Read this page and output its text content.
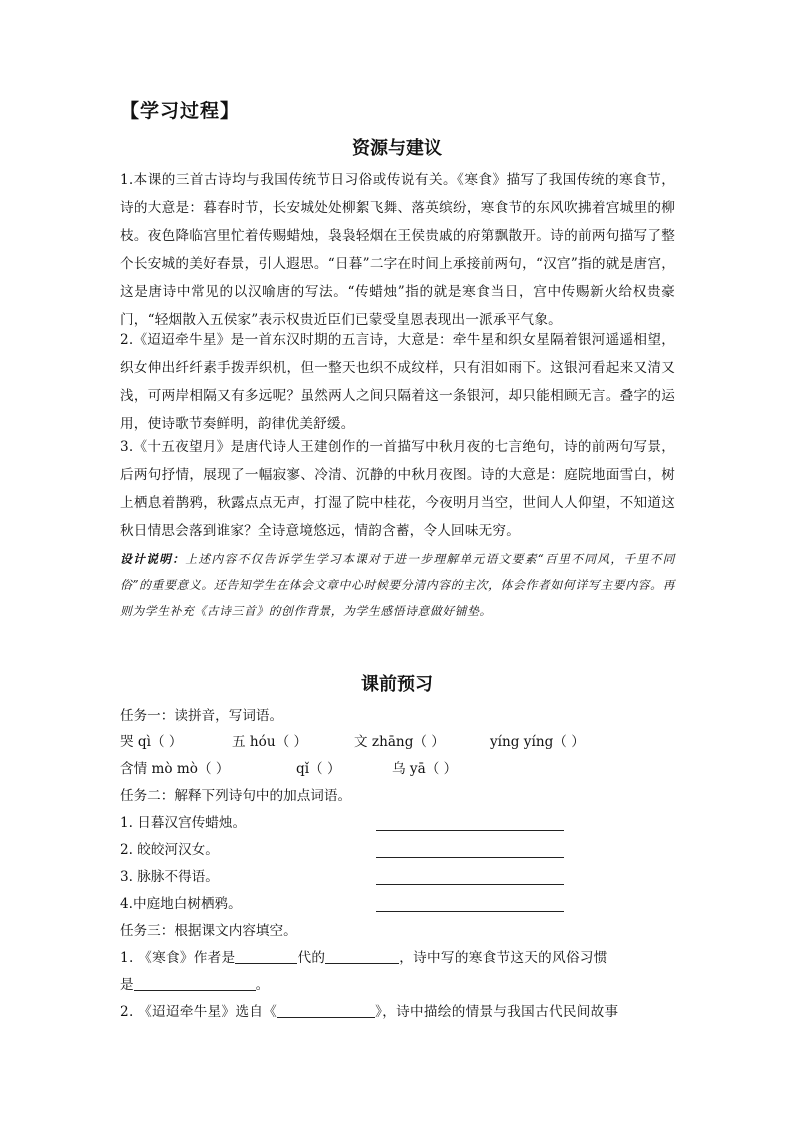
【学习过程】
资源与建议
1.本课的三首古诗均与我国传统节日习俗或传说有关。《寒食》描写了我国传统的寒食节，诗的大意是：暮春时节，长安城处处柳絮飞舞、落英缤纷，寒食节的东风吹拂着宫城里的柳枝。夜色降临宫里忙着传赐蜡烛，袅袅轻烟在王侯贵戚的府第飘散开。诗的前两句描写了整个长安城的美好春景，引人遐思。“日暮”二字在时间上承接前两句，“汉宫”指的就是唐宫，这是唐诗中常见的以汉喻唐的写法。“传蜡烛”指的就是寒食当日，宫中传赐新火给权贵豪门，“轻烟散入五侯家”表示权贵近臣们已蒙受皇恩表现出一派承平气象。
2.《迢迢牵牛星》是一首东汉时期的五言诗，大意是：牵牛星和织女星隔着银河遥遥相望，织女伸出纤纤素手拨弄织机，但一整天也织不成纹样，只有泪如雨下。这银河看起来又清又浅，可两岸相隔又有多远呢？虽然两人之间只隔着这一条银河，却只能相顾无言。叠字的运用，使诗歌节奏鲜明，韵律优美舒缓。
3.《十五夜望月》是唐代诗人王建创作的一首描写中秋月夜的七言绝句，诗的前两句写景，后两句抒情，展现了一幅寂寥、冷清、沉静的中秋月夜图。诗的大意是：庭院地面雪白，树上栖息着鹊鸦，秋露点点无声，打湿了院中桂花，今夜明月当空，世间人人仰望，不知道这秋日情思会落到谁家？全诗意境悠远，情韵含蓄，令人回味无穷。
设计说明：上述内容不仅告诉学生学习本课对于进一步理解单元语文要素“百里不同风，千里不同俗”的重要意义。还告知学生在体会文章中心时候要分清内容的主次，体会作者如何详写主要内容。再则为学生补充《古诗三首》的创作背景，为学生感悟诗意做好铺垫。
课前预习
任务一：读拼音，写词语。
哭 qì（ ）	五 hóu（ ）	文 zhāng（ ）	yíng yíng（ ）
含情 mò mò（ ）	qǐ（ ）	乌 yā（ ）
任务二：解释下列诗句中的加点词语。
1. 日暮汉宫传蜡烛。
2. 皎皎河汉女。
3. 脉脉不得语。
4.中庭地白树栖鸦。
任务三：根据课文内容填空。
1. 《寒食》作者是	代的	，诗中写的寒食节这天的风俗习惯
是	。
2. 《迢迢牵牛星》选自《	》，诗中描绘的情景与我国古代民间故事
